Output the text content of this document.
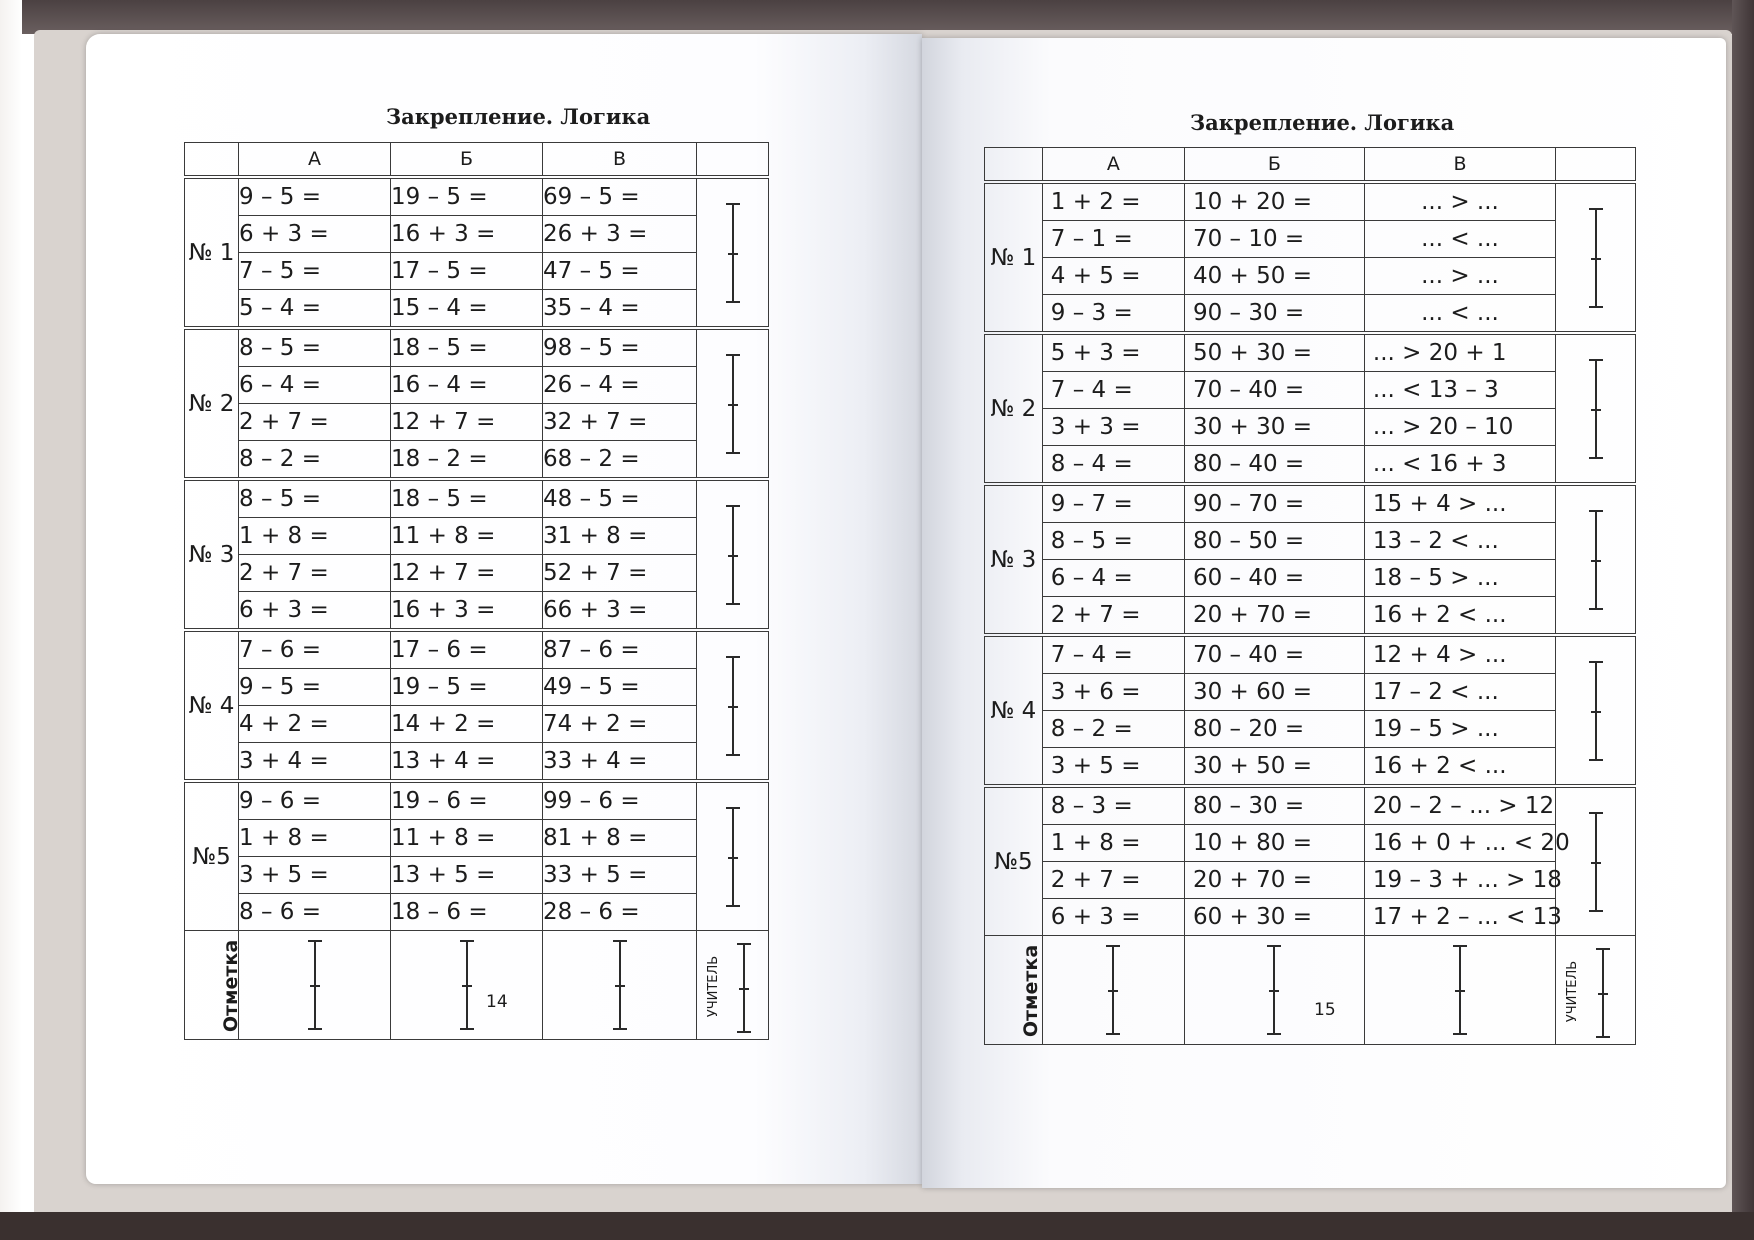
Закрепление. Логика
	А	Б	В	
№ 1	9 – 5 =	19 – 5 =	69 – 5 =	

	6 + 3 =	16 + 3 =	26 + 3 =	
	7 – 5 =	17 – 5 =	47 – 5 =	
	5 – 4 =	15 – 4 =	35 – 4 =	
№ 2	8 – 5 =	18 – 5 =	98 – 5 =	

	6 – 4 =	16 – 4 =	26 – 4 =	
	2 + 7 =	12 + 7 =	32 + 7 =	
	8 – 2 =	18 – 2 =	68 – 2 =	
№ 3	8 – 5 =	18 – 5 =	48 – 5 =	

	1 + 8 =	11 + 8 =	31 + 8 =	
	2 + 7 =	12 + 7 =	52 + 7 =	
	6 + 3 =	16 + 3 =	66 + 3 =	
№ 4	7 – 6 =	17 – 6 =	87 – 6 =	

	9 – 5 =	19 – 5 =	49 – 5 =	
	4 + 2 =	14 + 2 =	74 + 2 =	
	3 + 4 =	13 + 4 =	33 + 4 =	
№5	9 – 6 =	19 – 6 =	99 – 6 =	

	1 + 8 =	11 + 8 =	81 + 8 =	
	3 + 5 =	13 + 5 =	33 + 5 =	
	8 – 6 =	18 – 6 =	28 – 6 =	
Отметка				УЧИТЕЛЬ
14
Закрепление. Логика
	А	Б	В	
№ 1	1 + 2 =	10 + 20 =	... > ...	

	7 – 1 =	70 – 10 =	... < ...	
	4 + 5 =	40 + 50 =	... > ...	
	9 – 3 =	90 – 30 =	... < ...	
№ 2	5 + 3 =	50 + 30 =	... > 20 + 1	

	7 – 4 =	70 – 40 =	... < 13 – 3	
	3 + 3 =	30 + 30 =	... > 20 – 10	
	8 – 4 =	80 – 40 =	... < 16 + 3	
№ 3	9 – 7 =	90 – 70 =	15 + 4 > ...	

	8 – 5 =	80 – 50 =	13 – 2 < ...	
	6 – 4 =	60 – 40 =	18 – 5 > ...	
	2 + 7 =	20 + 70 =	16 + 2 < ...	
№ 4	7 – 4 =	70 – 40 =	12 + 4 > ...	

	3 + 6 =	30 + 60 =	17 – 2 < ...	
	8 – 2 =	80 – 20 =	19 – 5 > ...	
	3 + 5 =	30 + 50 =	16 + 2 < ...	
№5	8 – 3 =	80 – 30 =	20 – 2 – ... > 12	

	1 + 8 =	10 + 80 =	16 + 0 + ... < 20	
	2 + 7 =	20 + 70 =	19 – 3 + ... > 18	
	6 + 3 =	60 + 30 =	17 + 2 – ... < 13	
Отметка				УЧИТЕЛЬ
15
